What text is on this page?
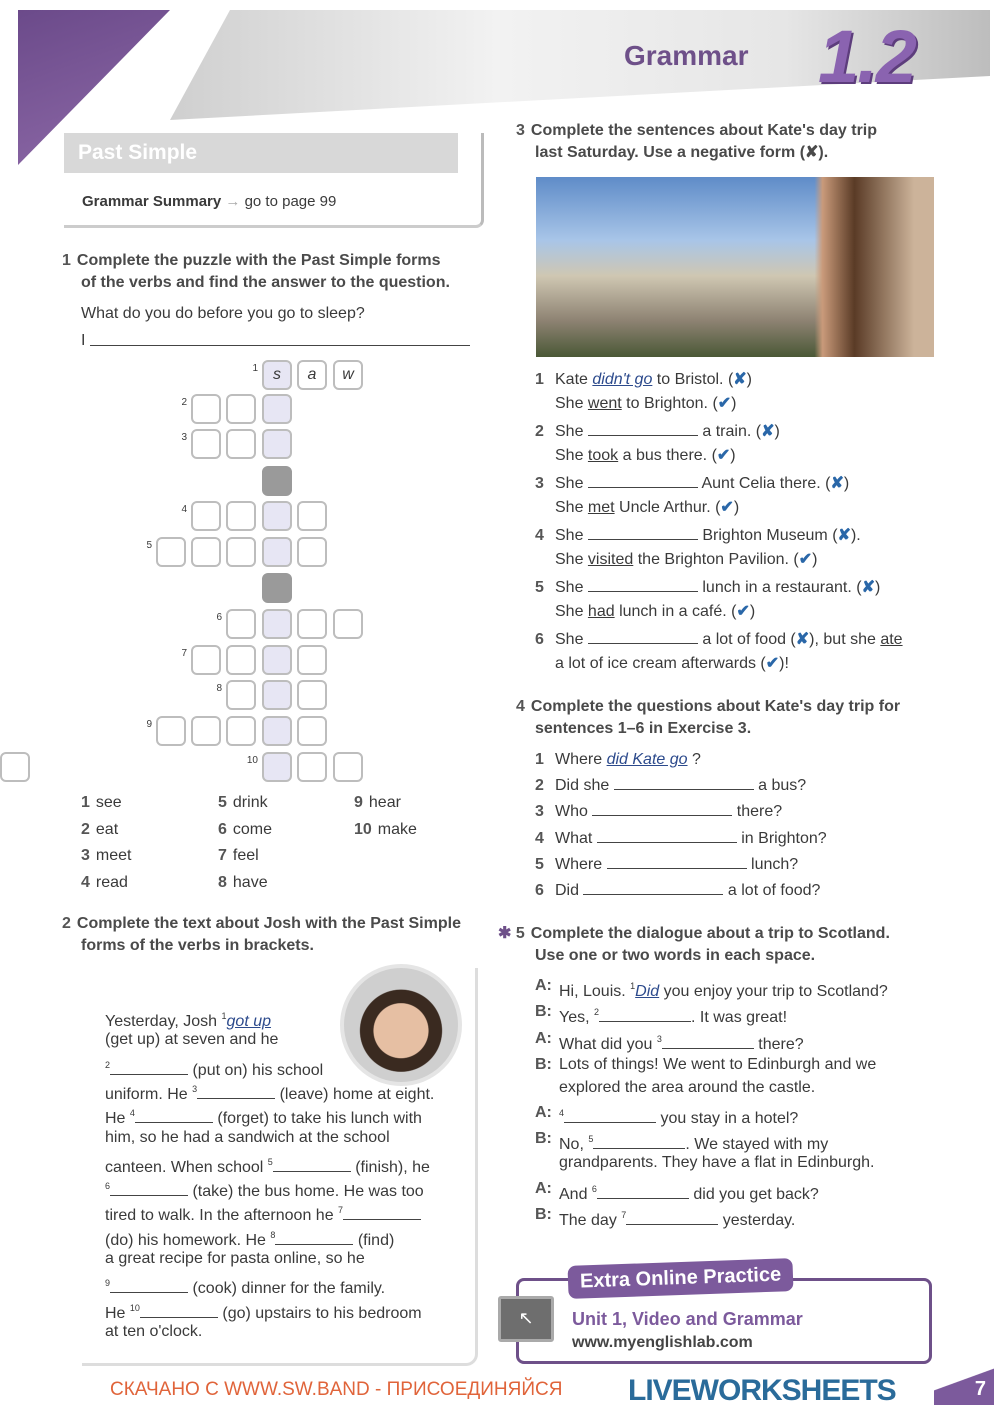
Grammar 1.2
Past Simple
Grammar Summary → go to page 99
1 Complete the puzzle with the Past Simple forms
of the verbs and find the answer to the question.
What do you do before you go to sleep?
I
1 s	a	w
2
3
4
5
6
7
8
9
10
1 see
2 eat
3 meet
4 read
5 drink
6 come
7 feel
8 have
9 hear
10 make
2 Complete the text about Josh with the Past Simple
forms of the verbs in brackets.
Yesterday, Josh $^1$got up
(get up) at seven and he
$^2$	(put on) his school
uniform. He $^3$	(leave) home at eight.
He $^4$	(forget) to take his lunch with
him, so he had a sandwich at the school
canteen. When school $^5$	(finish), he
$^6$	(take) the bus home. He was too
tired to walk. In the afternoon he $^7$
(do) his homework. He $^8$	(find)
a great recipe for pasta online, so he
$^9$	(cook) dinner for the family.
He $^{10}$	(go) upstairs to his bedroom
at ten o'clock.
3 Complete the sentences about Kate's day trip
last Saturday. Use a negative form (✘).
1 Kate didn't go to Bristol. (✘)
She went to Brighton. (✔)
2 She	a train. (✘)
She took a bus there. (✔)
3 She	Aunt Celia there. (✘)
She met Uncle Arthur. (✔)
4 She	Brighton Museum (✘).
She visited the Brighton Pavilion. (✔)
5 She	lunch in a restaurant. (✘)
She had lunch in a café. (✔)
6 She	a lot of food (✘), but she ate
a lot of ice cream afterwards (✔)!
4 Complete the questions about Kate's day trip for
sentences 1–6 in Exercise 3.
1 Where did Kate go ?
2 Did she	a bus?
3 Who	there?
4 What	in Brighton?
5 Where	lunch?
6 Did	a lot of food?
✱ 5 Complete the dialogue about a trip to Scotland.
Use one or two words in each space.
A: Hi, Louis. $^1$Did you enjoy your trip to Scotland?
B: Yes, $^2$	. It was great!
A: What did you $^3$	there?
B: Lots of things! We went to Edinburgh and we
explored the area around the castle.
A: $^4$	you stay in a hotel?
B: No, $^5$	. We stayed with my
grandparents. They have a flat in Edinburgh.
A: And $^6$	did you get back?
B: The day $^7$	yesterday.
Extra Online Practice
↖	Unit 1, Video and Grammar
www.myenglishlab.com
СКАЧАНО С WWW.SW.BAND - ПРИСОЕДИНЯЙСЯ	7
LIVEWORKSHEETS
